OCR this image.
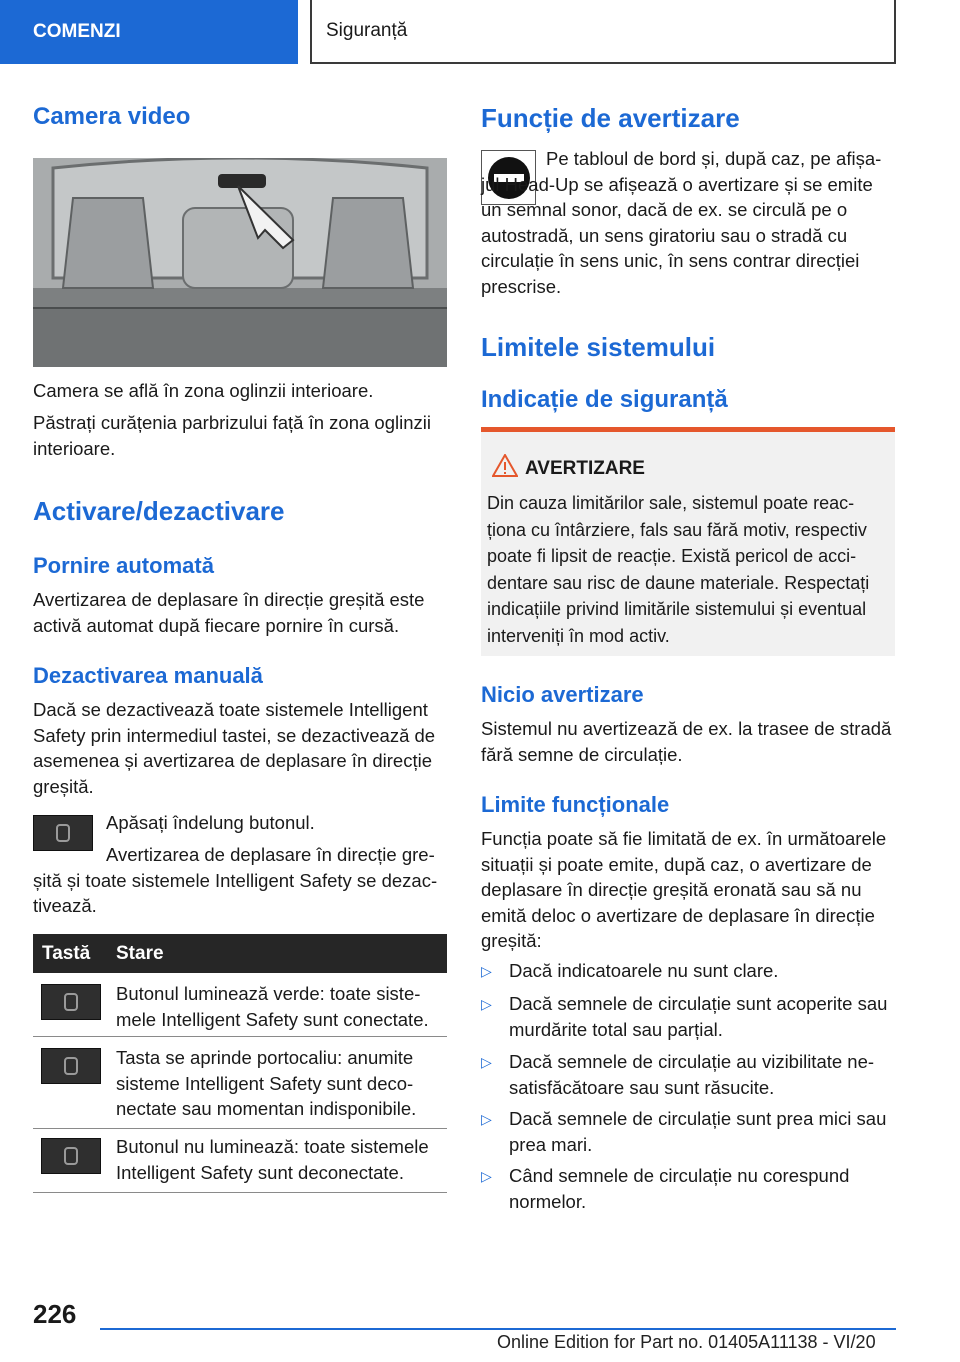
COMENZI	Siguranță
Camera video

Camera se află în zona oglinzii interioare.

Păstrați curățenia parbrizului față în zona oglinzii interioare.

Activare/dezactivare
Pornire automată

Avertizarea de deplasare în direcție greșită este activă automat după fiecare pornire în cursă.

Dezactivarea manuală

Dacă se dezactivează toate sistemele Intelligent Safety prin intermediul tastei, se dezactivează de asemenea și avertizarea de deplasare în direcție greșită.

Apăsați îndelung butonul.

Avertizarea de deplasare în direcție gre-șită și toate sistemele Intelligent Safety se dezac-tivează.

Tastă Stare

Butonul luminează verde: toate siste-mele Intelligent Safety sunt conectate.

Tasta se aprinde portocaliu: anumite sisteme Intelligent Safety sunt deco-nectate sau momentan indisponibile.

Butonul nu luminează: toate sistemele Intelligent Safety sunt deconectate.

Funcție de avertizare

Pe tabloul de bord și, după caz, pe afișa-jul Head-Up se afișează o avertizare și se emite un semnal sonor, dacă de ex. se circulă pe o autostradă, un sens giratoriu sau o stradă cu circulație în sens unic, în sens contrar direcției prescrise.

Limitele sistemului
Indicație de siguranță
AVERTIZARE

Din cauza limitărilor sale, sistemul poate reac-ționa cu întârziere, fals sau fără motiv, respectiv poate fi lipsit de reacție. Există pericol de acci-dentare sau risc de daune materiale. Respectați indicațiile privind limitările sistemului și eventual interveniți în mod activ.

Nicio avertizare

Sistemul nu avertizează de ex. la trasee de stradă fără semne de circulație.

Limite funcționale

Funcția poate să fie limitată de ex. în următoarele situații și poate emite, după caz, o avertizare de deplasare în direcție greșită eronată sau să nu emită deloc o avertizare de deplasare în direcție greșită:

▷ Dacă indicatoarele nu sunt clare.

▷ Dacă semnele de circulație sunt acoperite sau murdărite total sau parțial.

▷ Dacă semnele de circulație au vizibilitate ne-satisfăcătoare sau sunt răsucite.

▷ Dacă semnele de circulație sunt prea mici sau prea mari.

▷ Când semnele de circulație nu corespund normelor.

226
Online Edition for Part no. 01405A11138 - VI/20
